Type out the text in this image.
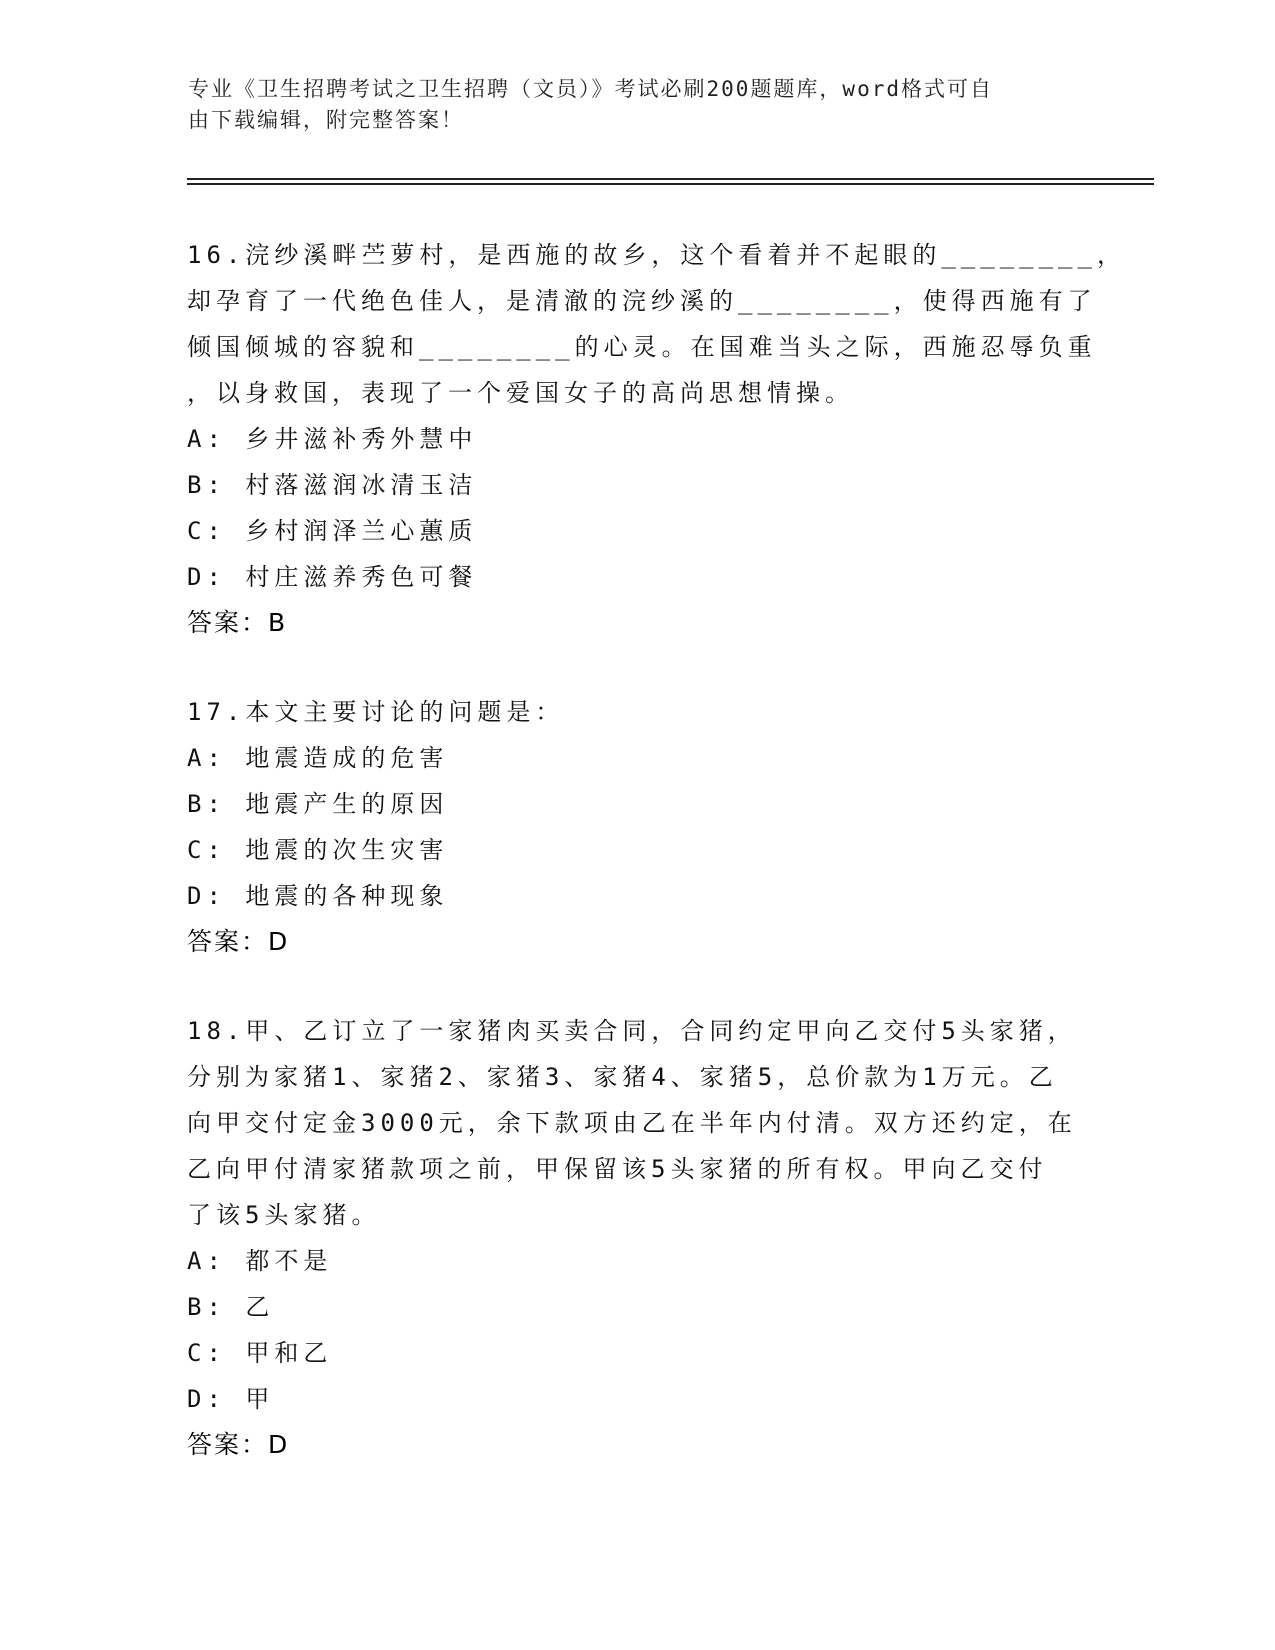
专业《卫生招聘考试之卫生招聘（文员）》考试必刷200题题库，word格式可自
由下载编辑，附完整答案！
16.浣纱溪畔苎萝村，是西施的故乡，这个看着并不起眼的________，
却孕育了一代绝色佳人，是清澈的浣纱溪的________，使得西施有了
倾国倾城的容貌和________的心灵。在国难当头之际，西施忍辱负重
，以身救国，表现了一个爱国女子的高尚思想情操。
A: 乡井滋补秀外慧中
B: 村落滋润冰清玉洁
C: 乡村润泽兰心蕙质
D: 村庄滋养秀色可餐
答案：B
17.本文主要讨论的问题是：
A: 地震造成的危害
B: 地震产生的原因
C: 地震的次生灾害
D: 地震的各种现象
答案：D
18.甲、乙订立了一家猪肉买卖合同，合同约定甲向乙交付5头家猪，
分别为家猪1、家猪2、家猪3、家猪4、家猪5，总价款为1万元。乙
向甲交付定金3000元，余下款项由乙在半年内付清。双方还约定，在
乙向甲付清家猪款项之前，甲保留该5头家猪的所有权。甲向乙交付
了该5头家猪。
A: 都不是
B: 乙
C: 甲和乙
D: 甲
答案：D
